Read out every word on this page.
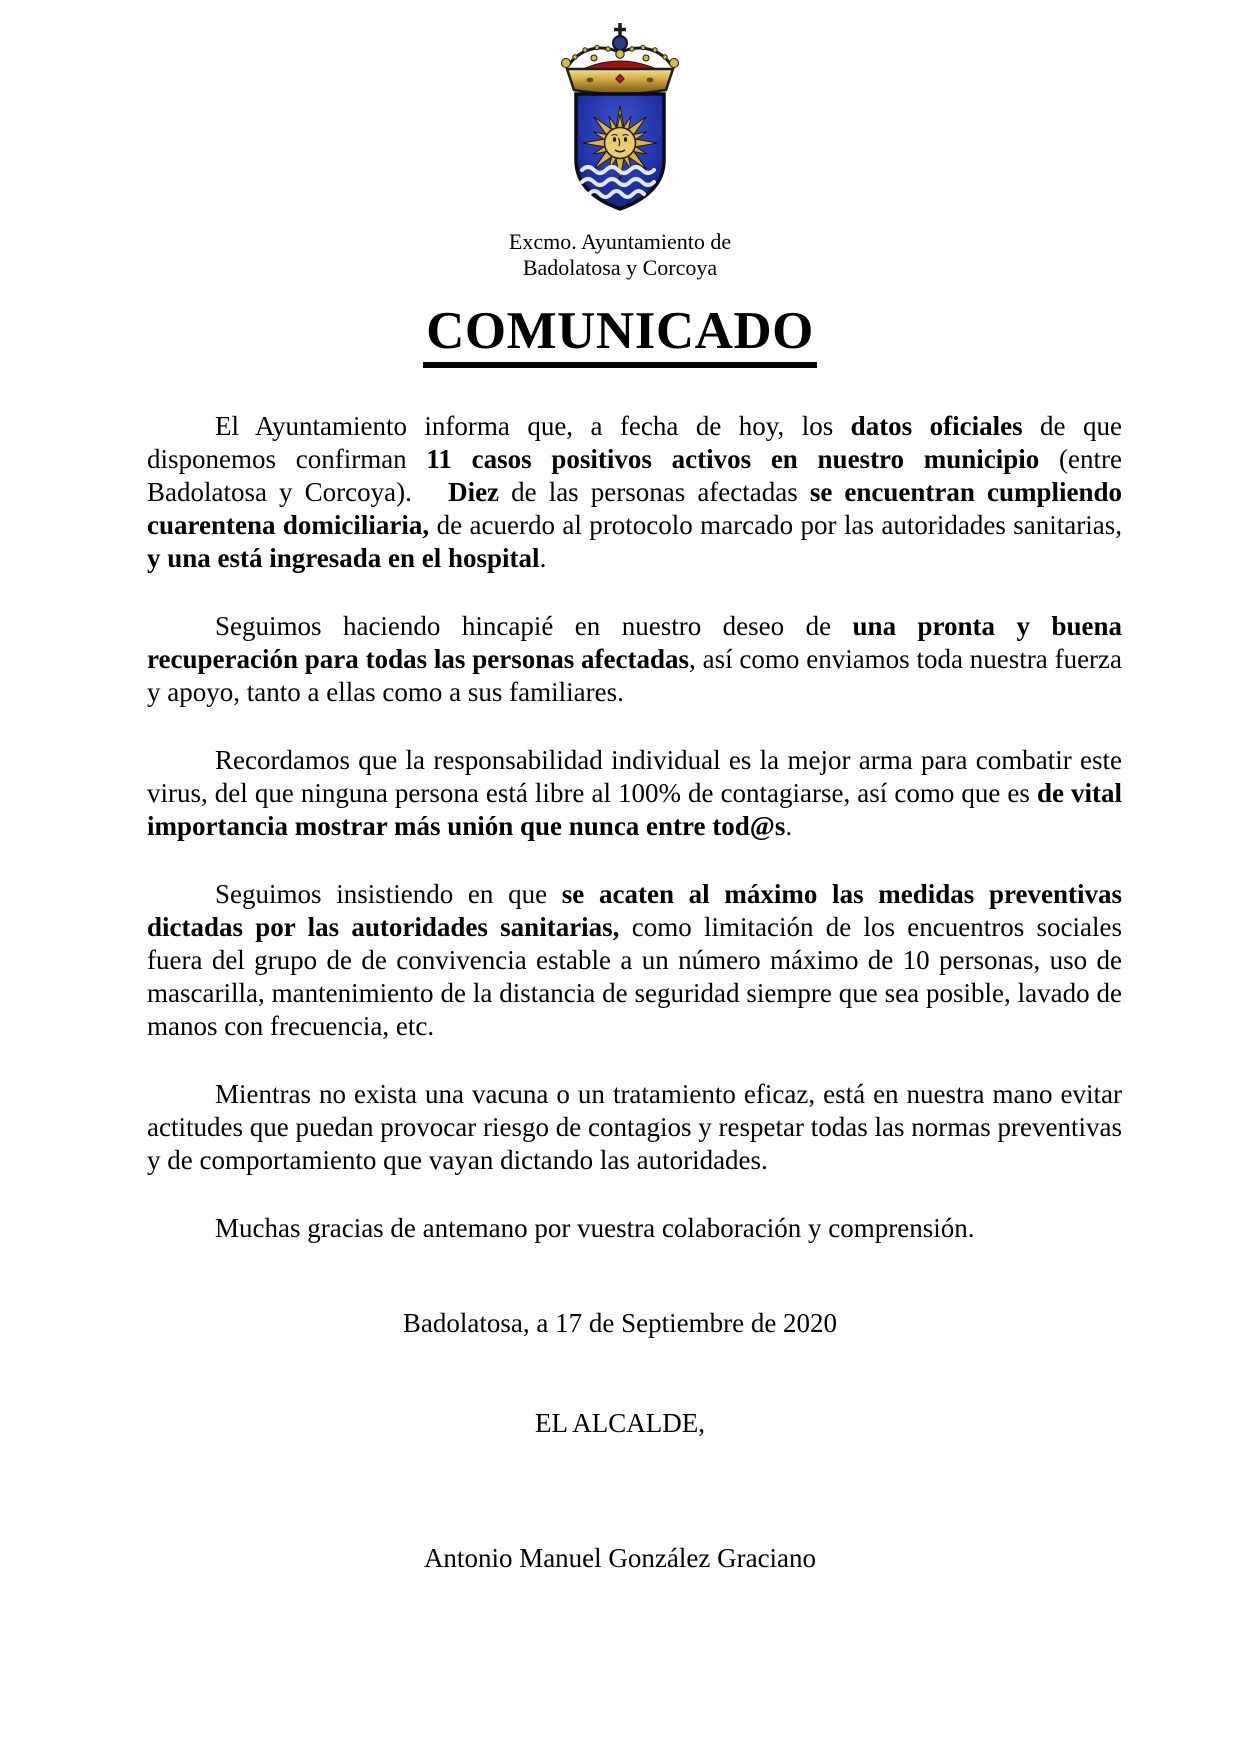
Excmo. Ayuntamiento de
Badolatosa y Corcoya
COMUNICADO

El Ayuntamiento informa que, a fecha de hoy, los datos oficiales de que disponemos confirman 11 casos positivos activos en nuestro municipio (entre Badolatosa y Corcoya).   Diez de las personas afectadas se encuentran cumpliendo cuarentena domiciliaria, de acuerdo al protocolo marcado por las autoridades sanitarias, y una está ingresada en el hospital.

Seguimos haciendo hincapié en nuestro deseo de una pronta y buena recuperación para todas las personas afectadas, así como enviamos toda nuestra fuerza y apoyo, tanto a ellas como a sus familiares.

Recordamos que la responsabilidad individual es la mejor arma para combatir este virus, del que ninguna persona está libre al 100% de contagiarse, así como que es de vital importancia mostrar más unión que nunca entre tod@s.

Seguimos insistiendo en que se acaten al máximo las medidas preventivas dictadas por las autoridades sanitarias, como limitación de los encuentros sociales fuera del grupo de de convivencia estable a un número máximo de 10 personas, uso de mascarilla, mantenimiento de la distancia de seguridad siempre que sea posible, lavado de manos con frecuencia, etc.

Mientras no exista una vacuna o un tratamiento eficaz, está en nuestra mano evitar actitudes que puedan provocar riesgo de contagios y respetar todas las normas preventivas y de comportamiento que vayan dictando las autoridades.

Muchas gracias de antemano por vuestra colaboración y comprensión.

Badolatosa, a 17 de Septiembre de 2020
EL ALCALDE,
Antonio Manuel González Graciano
